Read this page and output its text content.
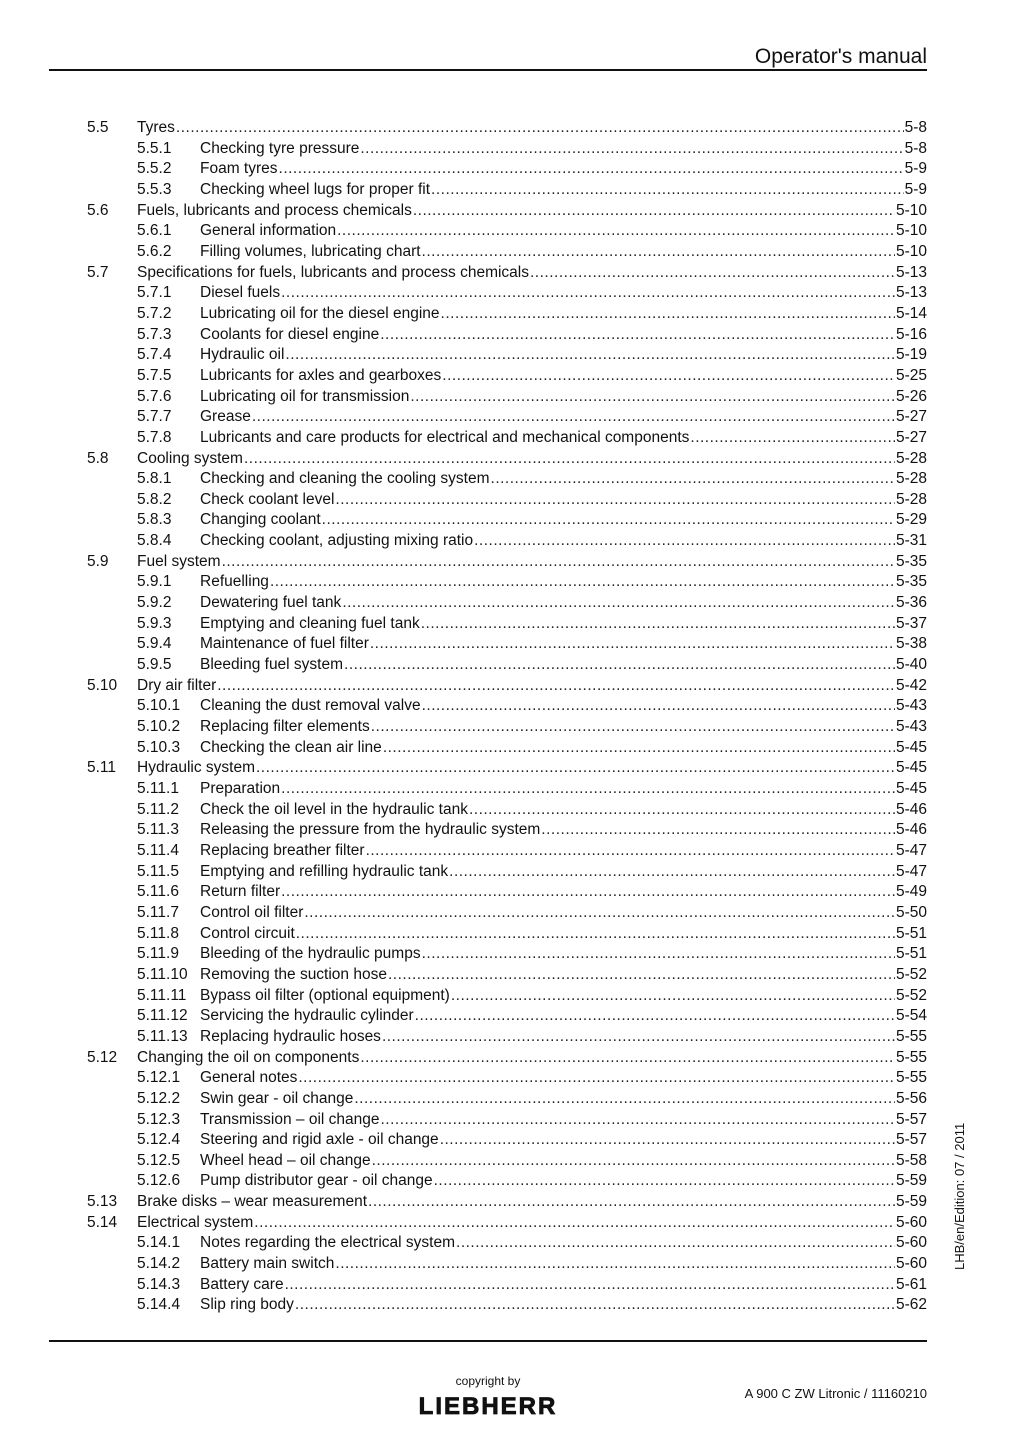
Operator's manual
5.5 Tyres .....	5-8
5.5.1 Checking tyre pressure .....	5-8
5.5.2 Foam tyres .....	5-9
5.5.3 Checking wheel lugs for proper fit .....	5-9
5.6 Fuels, lubricants and process chemicals .....	5-10
5.6.1 General information .....	5-10
5.6.2 Filling volumes, lubricating chart .....	5-10
5.7 Specifications for fuels, lubricants and process chemicals .....	5-13
5.7.1 Diesel fuels .....	5-13
5.7.2 Lubricating oil for the diesel engine .....	5-14
5.7.3 Coolants for diesel engine .....	5-16
5.7.4 Hydraulic oil .....	5-19
5.7.5 Lubricants for axles and gearboxes .....	5-25
5.7.6 Lubricating oil for transmission .....	5-26
5.7.7 Grease .....	5-27
5.7.8 Lubricants and care products for electrical and mechanical components .....	5-27
5.8 Cooling system .....	5-28
5.8.1 Checking and cleaning the cooling system .....	5-28
5.8.2 Check coolant level .....	5-28
5.8.3 Changing coolant .....	5-29
5.8.4 Checking coolant, adjusting mixing ratio .....	5-31
5.9 Fuel system .....	5-35
5.9.1 Refuelling .....	5-35
5.9.2 Dewatering fuel tank .....	5-36
5.9.3 Emptying and cleaning fuel tank .....	5-37
5.9.4 Maintenance of fuel filter .....	5-38
5.9.5 Bleeding fuel system .....	5-40
5.10 Dry air filter .....	5-42
5.10.1 Cleaning the dust removal valve .....	5-43
5.10.2 Replacing filter elements .....	5-43
5.10.3 Checking the clean air line .....	5-45
5.11 Hydraulic system .....	5-45
5.11.1 Preparation .....	5-45
5.11.2 Check the oil level in the hydraulic tank .....	5-46
5.11.3 Releasing the pressure from the hydraulic system .....	5-46
5.11.4 Replacing breather filter .....	5-47
5.11.5 Emptying and refilling hydraulic tank .....	5-47
5.11.6 Return filter .....	5-49
5.11.7 Control oil filter .....	5-50
5.11.8 Control circuit .....	5-51
5.11.9 Bleeding of the hydraulic pumps .....	5-51
5.11.10 Removing the suction hose .....	5-52
5.11.11 Bypass oil filter (optional equipment) .....	5-52
5.11.12 Servicing the hydraulic cylinder .....	5-54
5.11.13 Replacing hydraulic hoses .....	5-55
5.12 Changing the oil on components .....	5-55
5.12.1 General notes .....	5-55
5.12.2 Swin gear - oil change .....	5-56
5.12.3 Transmission – oil change .....	5-57
5.12.4 Steering and rigid axle - oil change .....	5-57
5.12.5 Wheel head – oil change .....	5-58
5.12.6 Pump distributor gear - oil change .....	5-59
5.13 Brake disks – wear measurement .....	5-59
5.14 Electrical system .....	5-60
5.14.1 Notes regarding the electrical system .....	5-60
5.14.2 Battery main switch .....	5-60
5.14.3 Battery care .....	5-61
5.14.4 Slip ring body .....	5-62
LHB/en/Edition: 07 / 2011
copyright by
LIEBHERR	A 900 C ZW Litronic / 11160210
